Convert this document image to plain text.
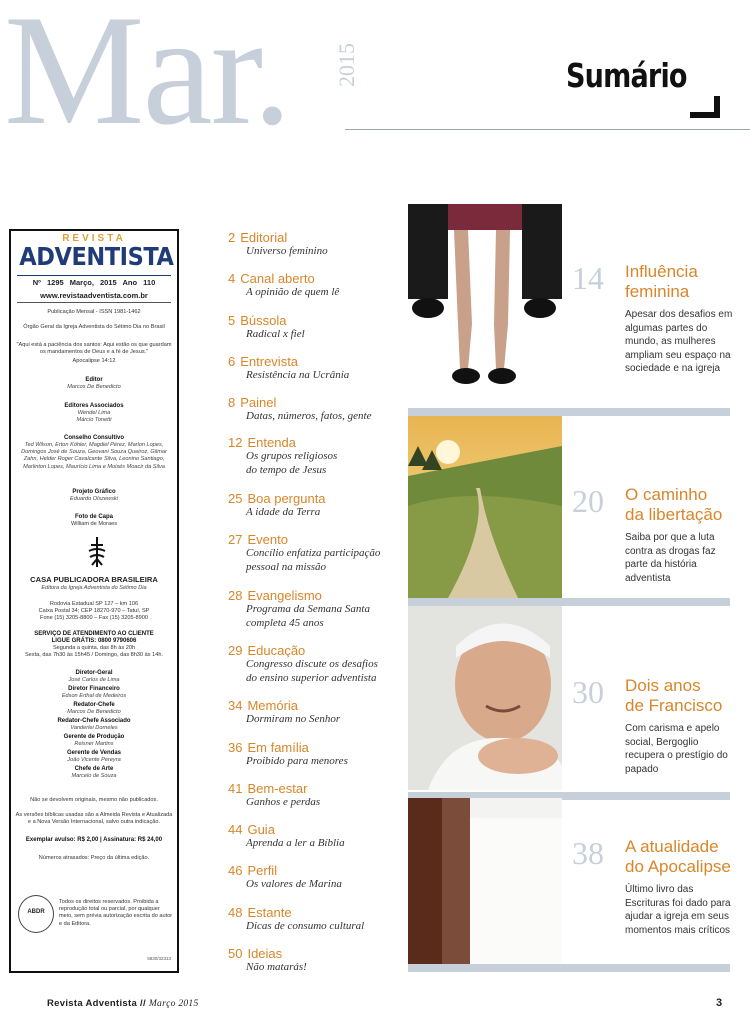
Mar. 2015	Sumário
REVISTA
ADVENTISTA
Nº 1295 Março, 2015 Ano 110
www.revistaadventista.com.br
Publicação Mensal - ISSN 1981-1462
Órgão Geral da Igreja Adventista do Sétimo Dia no Brasil
"Aqui está a paciência dos santos: Aqui estão os que guardam os mandamentos de Deus e a fé de Jesus."
Apocalipse 14:12
Editor
Marcos De Benedicto
Editores Associados
Wendel Lima
Márcio Tonetti
Conselho Consultivo
Ted Wilson, Erton Köhler, Magdiel Pérez, Marlon Lopes, Domingos José de Souza, Geovani Souza Queiroz, Gilmar Zahn, Helder Roger Cavalcante Silva, Leonino Santiago, Marlinton Lopes, Maurício Lima e Moisés Moacir da Silva
Projeto Gráfico
Eduardo Olszewski
Foto de Capa
William de Moraes
CASA PUBLICADORA BRASILEIRA
Editora da Igreja Adventista do Sétimo Dia
Rodovia Estadual SP 127 – km 106
Caixa Postal 34; CEP 18270-970 – Tatuí, SP
Fone (15) 3205-8800 – Fax (15) 3205-8900
SERVIÇO DE ATENDIMENTO AO CLIENTE
LIGUE GRÁTIS: 0800 9790606
Segunda a quinta, das 8h às 20h
Sexta, das 7h30 às 15h45 / Domingo, das 8h30 às 14h.
Diretor-Geral
José Carlos de Lima
Diretor Financeiro
Edson Erthal de Medeiros
Redator-Chefe
Marcos De Benedicto
Redator-Chefe Associado
Vanderlei Dorneles
Gerente de Produção
Reisner Martins
Gerente de Vendas
João Vicente Pereyra
Chefe de Arte
Marcelo de Souza
Não se devolvem originais, mesmo não publicados.
As versões bíblicas usadas são a Almeida Revista e Atualizada e a Nova Versão Internacional, salvo outra indicação.
Exemplar avulso: R$ 2,00 | Assinatura: R$ 24,00
Números atrasados: Preço da última edição.
ABDR
Todos os direitos reservados. Proibida a reprodução total ou parcial, por qualquer meio, sem prévia autorização escrita do autor e da Editora.
5830/32313
2 Editorial
Universo feminino
4 Canal aberto
A opinião de quem lê
5 Bússola
Radical x fiel
6 Entrevista
Resistência na Ucrânia
8 Painel
Datas, números, fatos, gente
12 Entenda
Os grupos religiosos
do tempo de Jesus
25 Boa pergunta
A idade da Terra
27 Evento
Concílio enfatiza participação
pessoal na missão
28 Evangelismo
Programa da Semana Santa
completa 45 anos
29 Educação
Congresso discute os desafios
do ensino superior adventista
34 Memória
Dormiram no Senhor
36 Em família
Proibido para menores
41 Bem-estar
Ganhos e perdas
44 Guia
Aprenda a ler a Bíblia
46 Perfil
Os valores de Marina
48 Estante
Dicas de consumo cultural
50 Ideias
Não matarás!
14 Influência
feminina
Apesar dos desafios em algumas partes do mundo, as mulheres ampliam seu espaço na sociedade e na igreja
20 O caminho
da libertação
Saiba por que a luta contra as drogas faz parte da história adventista
30 Dois anos
de Francisco
Com carisma e apelo social, Bergoglio recupera o prestígio do papado
38 A atualidade
do Apocalipse
Último livro das Escrituras foi dado para ajudar a igreja em seus momentos mais críticos
Revista Adventista // Março 2015	3
